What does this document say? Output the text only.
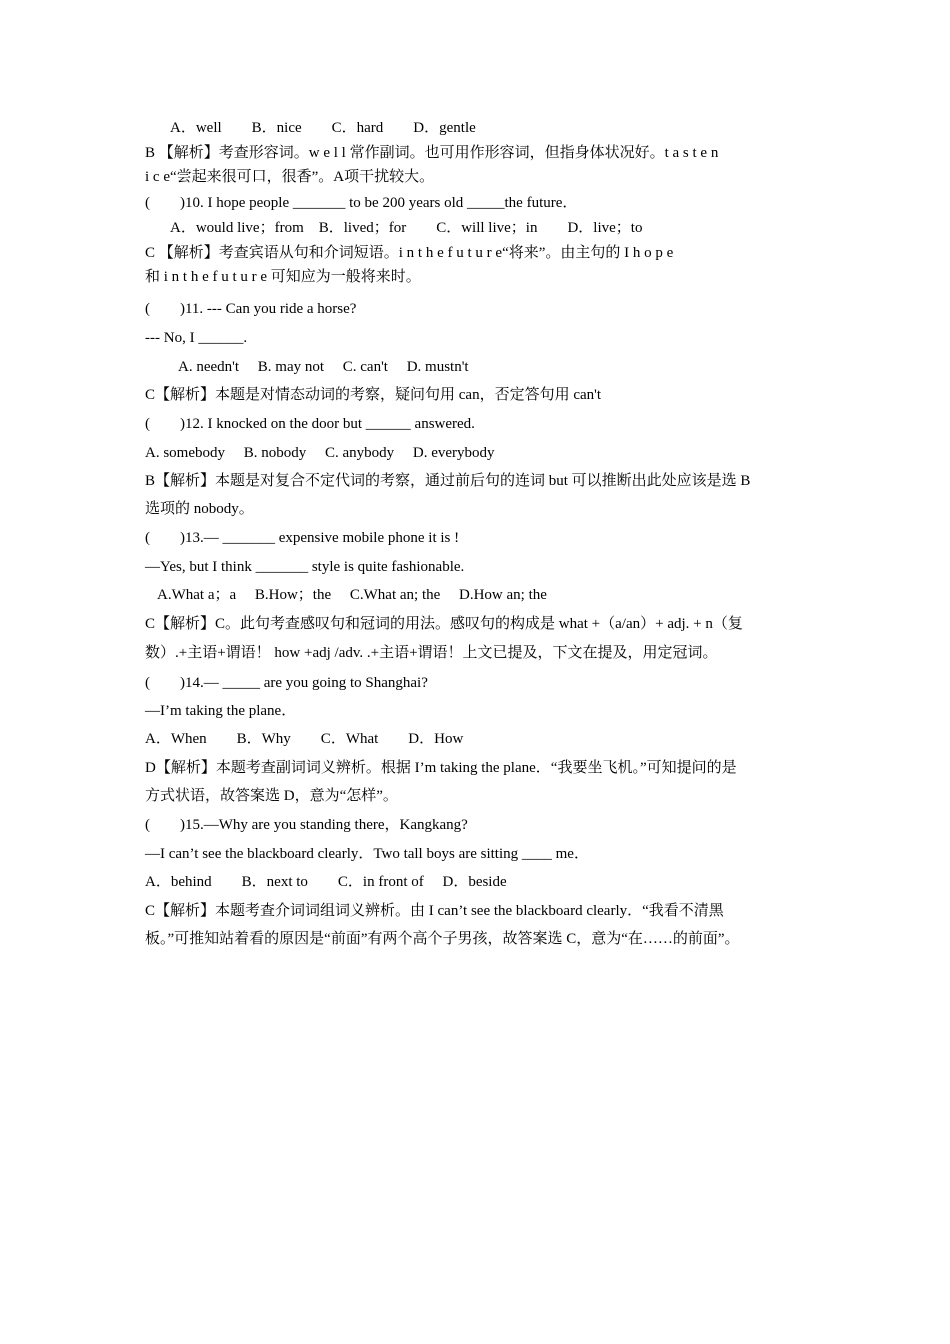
A．well　　B．nice　　C．hard　　D．gentle
B 【解析】考查形容词。w e l l 常作副词。也可用作形容词，但指身体状况好。t a s t e n
i c e“尝起来很可口，很香”。A项干扰较大。
(　　)10. I hope people _______ to be 200 years old _____the future．
A．would live；from　B．lived；for　　C．will live；in　　D．live；to
C 【解析】考查宾语从句和介词短语。i n t h e f u t u r e“将来”。由主句的 I h o p e
和 i n t h e f u t u r e 可知应为一般将来时。
(　　)11. --- Can you ride a horse?
--- No, I ______.
A. needn't　 B. may not　 C. can't　 D. mustn't
C【解析】本题是对情态动词的考察，疑问句用 can，否定答句用 can't
(　　)12. I knocked on the door but ______ answered.
A. somebody　 B. nobody　 C. anybody　 D. everybody
B【解析】本题是对复合不定代词的考察，通过前后句的连词 but 可以推断出此处应该是选 B
选项的 nobody。
(　　)13.— _______ expensive mobile phone it is !
—Yes, but I think _______ style is quite fashionable.
A.What a；a　 B.How；the　 C.What an; the　 D.How an; the
C【解析】C。此句考查感叹句和冠词的用法。感叹句的构成是 what +（a/an）+ adj. + n（复
数）.+主语+谓语！ how +adj /adv. .+主语+谓语！上文已提及，下文在提及，用定冠词。
(　　)14.— _____ are you going to Shanghai?
—I’m taking the plane．
A．When　　B．Why　　C．What　　D．How
D【解析】本题考查副词词义辨析。根据 I’m taking the plane．“我要坐飞机。”可知提问的是
方式状语，故答案选 D，意为“怎样”。
(　　)15.—Why are you standing there，Kangkang?
—I can’t see the blackboard clearly．Two tall boys are sitting ____ me．
A．behind　　B．next to　　C．in front of　 D．beside
C【解析】本题考查介词词组词义辨析。由 I can’t see the blackboard clearly．“我看不清黑
板。”可推知站着看的原因是“前面”有两个高个子男孩，故答案选 C，意为“在……的前面”。
